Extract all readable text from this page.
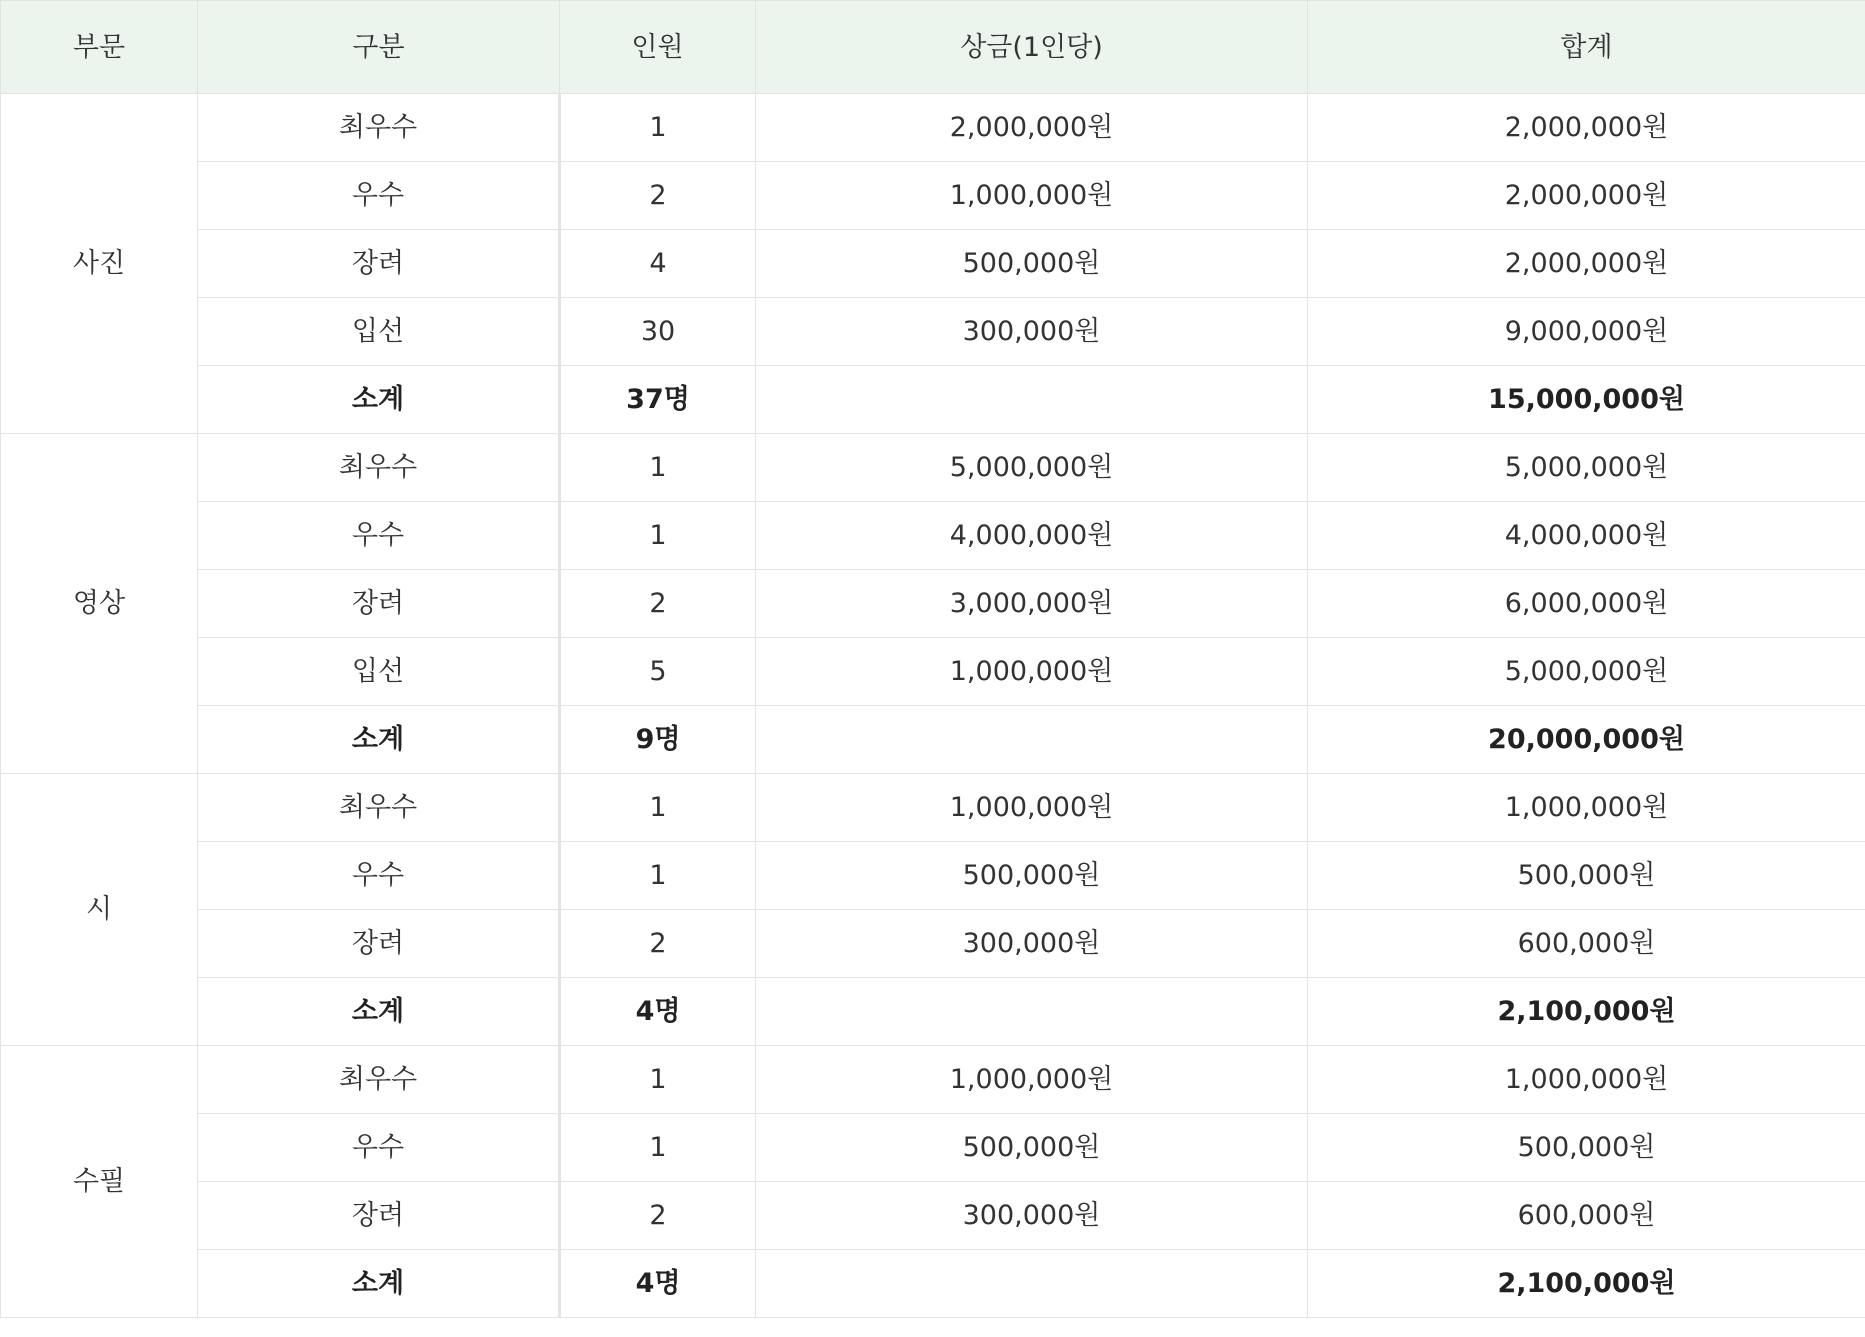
부문	구분	인원	상금(1인당)	합계
사진	최우수	1	2,000,000원	2,000,000원
	우수	2	1,000,000원	2,000,000원
	장려	4	500,000원	2,000,000원
	입선	30	300,000원	9,000,000원
	소계	37명		15,000,000원
영상	최우수	1	5,000,000원	5,000,000원
	우수	1	4,000,000원	4,000,000원
	장려	2	3,000,000원	6,000,000원
	입선	5	1,000,000원	5,000,000원
	소계	9명		20,000,000원
시	최우수	1	1,000,000원	1,000,000원
	우수	1	500,000원	500,000원
	장려	2	300,000원	600,000원
	소계	4명		2,100,000원
수필	최우수	1	1,000,000원	1,000,000원
	우수	1	500,000원	500,000원
	장려	2	300,000원	600,000원
	소계	4명		2,100,000원
